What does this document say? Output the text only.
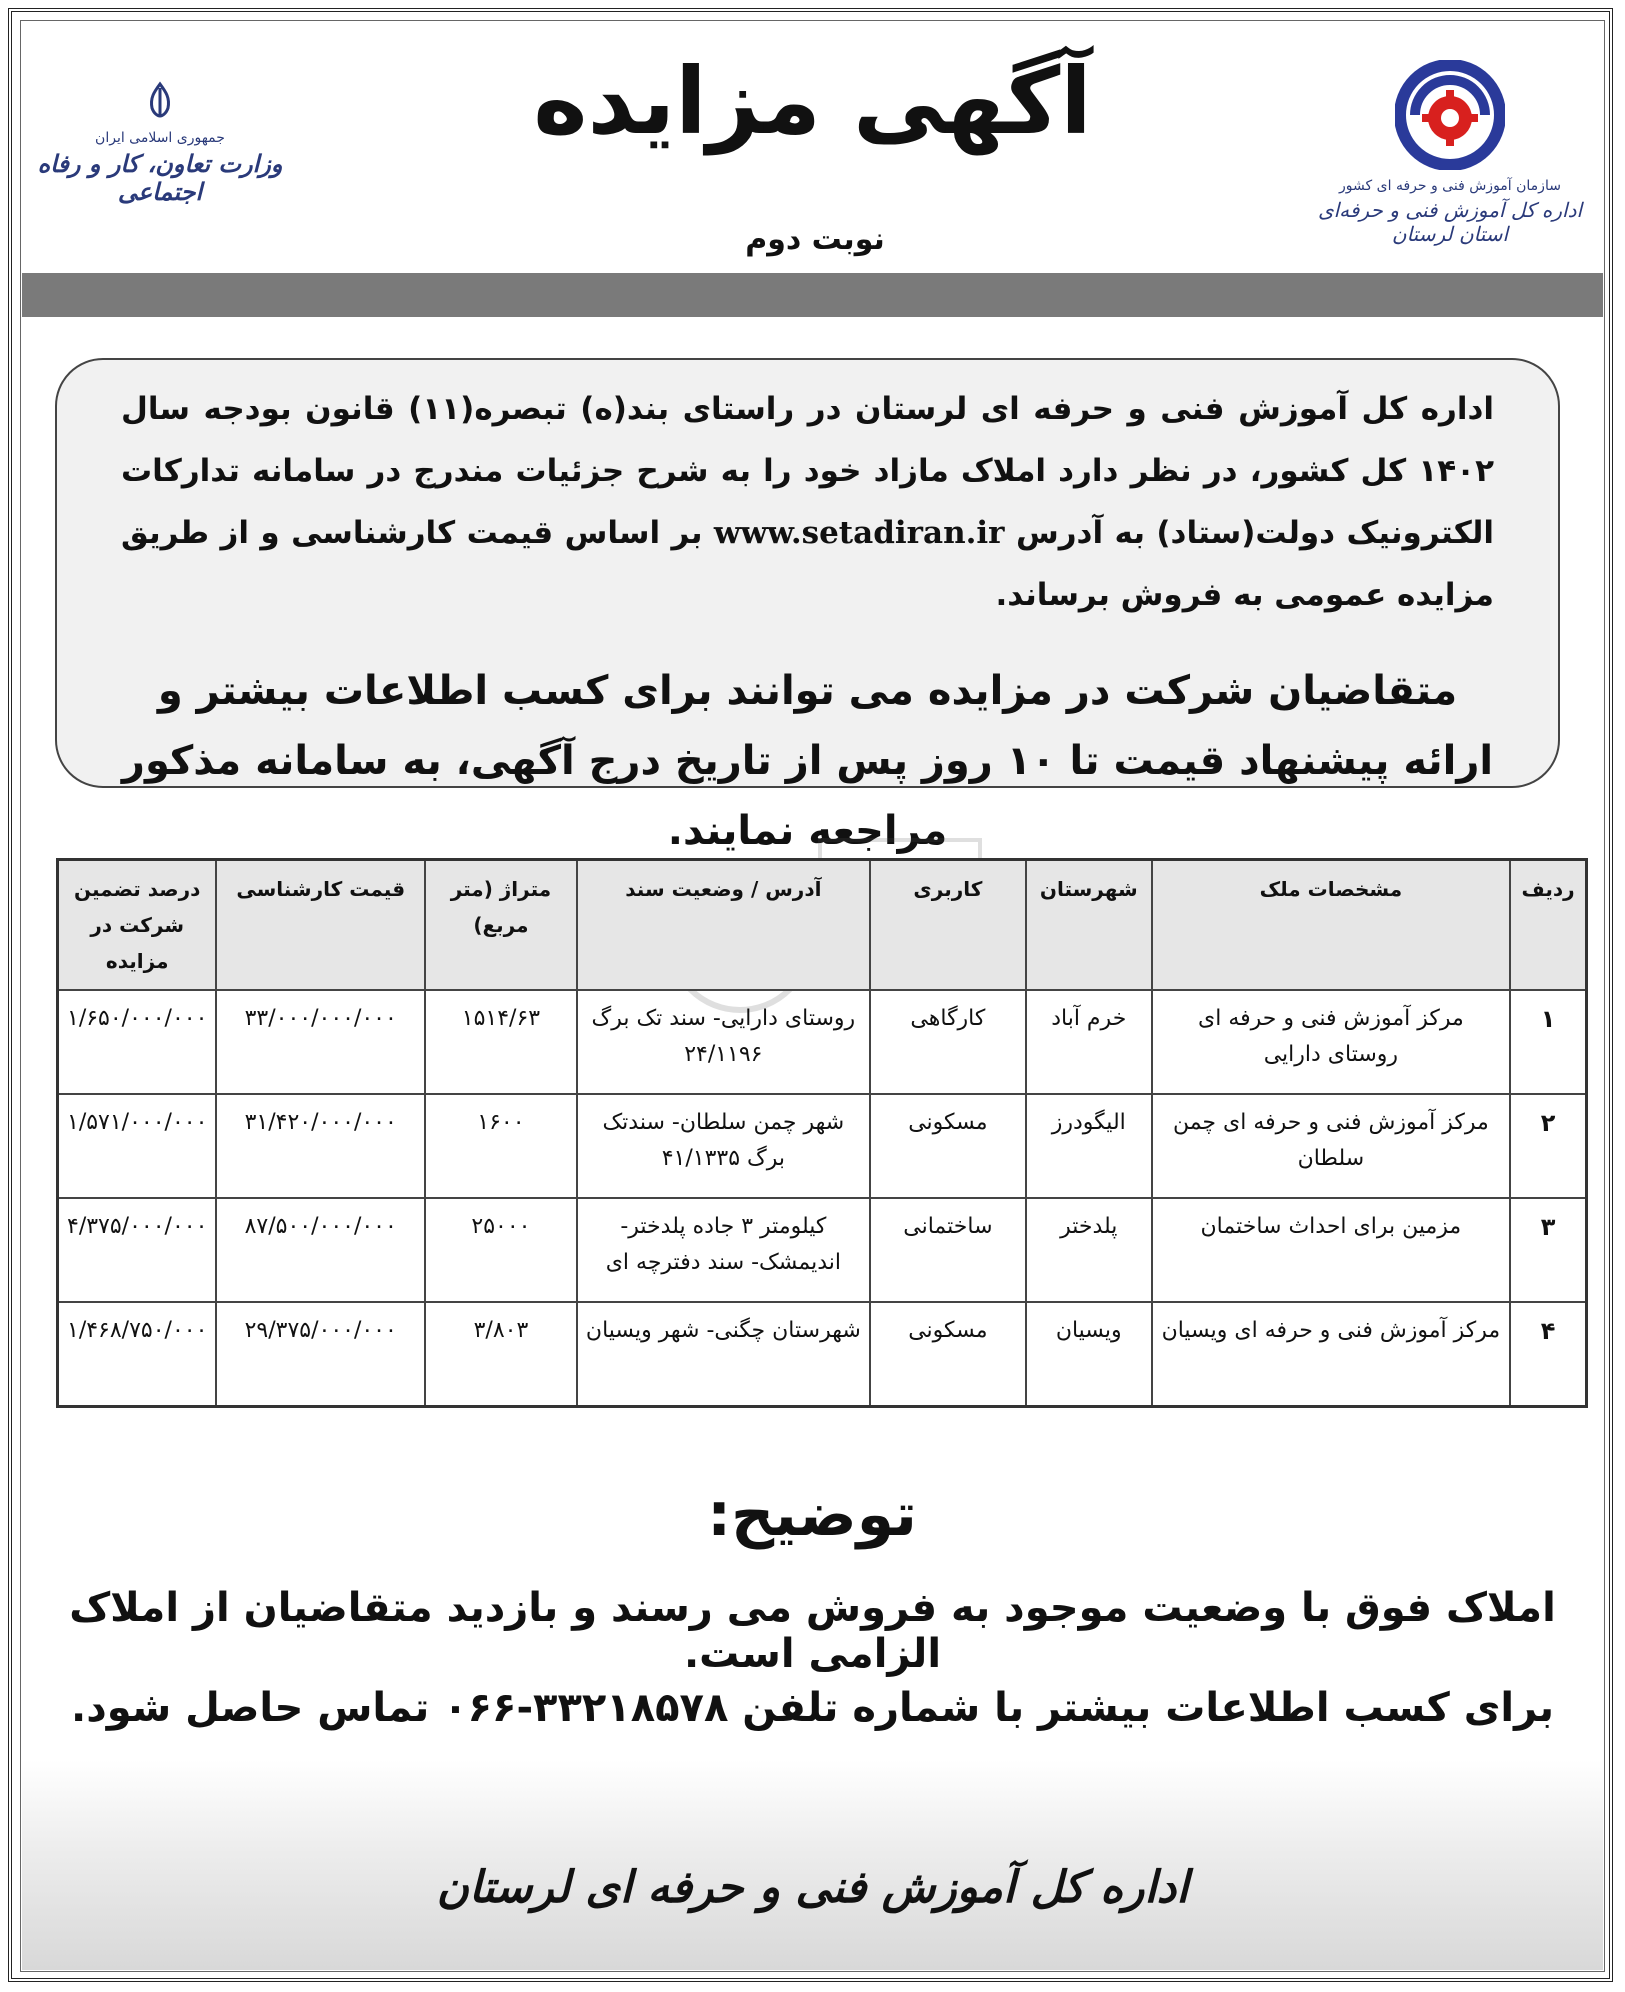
سازمان آموزش فنی و حرفه ای کشور
اداره کل آموزش فنی و حرفه‌ای استان لرستان
جمهوری اسلامی ایران
وزارت تعاون، کار و رفاه اجتماعی
آگهی مزایده
نوبت دوم

اداره کل آموزش فنی و حرفه ای لرستان در راستای بند(ه) تبصره(۱۱) قانون بودجه سال ۱۴۰۲ کل کشور، در نظر دارد املاک مازاد خود را به شرح جزئیات مندرج در سامانه تدارکات الکترونیک دولت(ستاد) به آدرس www.setadiran.ir بر اساس قیمت کارشناسی و از طریق مزایده عمومی به فروش برساند.

متقاضیان شرکت در مزایده می توانند برای کسب اطلاعات بیشتر و ارائه پیشنهاد قیمت تا ۱۰ روز پس از تاریخ درج آگهی، به سامانه مذکور مراجعه نمایند.

ردیف	مشخصات ملک	شهرستان	کاربری	آدرس / وضعیت سند	متراژ (متر مربع)	قیمت کارشناسی	درصد تضمین شرکت در مزایده
۱	مرکز آموزش فنی و حرفه ای روستای دارایی	خرم آباد	کارگاهی	روستای دارایی- سند تک برگ ۲۴/۱۱۹۶	۱۵۱۴/۶۳	۳۳/۰۰۰/۰۰۰/۰۰۰	۱/۶۵۰/۰۰۰/۰۰۰
۲	مرکز آموزش فنی و حرفه ای چمن سلطان	الیگودرز	مسکونی	شهر چمن سلطان- سندتک برگ ۴۱/۱۳۳۵	۱۶۰۰	۳۱/۴۲۰/۰۰۰/۰۰۰	۱/۵۷۱/۰۰۰/۰۰۰
۳	مزمین برای احداث ساختمان	پلدختر	ساختمانی	کیلومتر ۳ جاده پلدختر- اندیمشک- سند دفترچه ای	۲۵۰۰۰	۸۷/۵۰۰/۰۰۰/۰۰۰	۴/۳۷۵/۰۰۰/۰۰۰
۴	مرکز آموزش فنی و حرفه ای ویسیان	ویسیان	مسکونی	شهرستان چگنی- شهر ویسیان	۳/۸۰۳	۲۹/۳۷۵/۰۰۰/۰۰۰	۱/۴۶۸/۷۵۰/۰۰۰
توضیح:
املاک فوق با وضعیت موجود به فروش می رسند و بازدید متقاضیان از املاک الزامی است.
برای کسب اطلاعات بیشتر با شماره تلفن ۳۳۲۱۸۵۷۸-۰۶۶ تماس حاصل شود.
اداره کل آموزش فنی و حرفه ای لرستان
